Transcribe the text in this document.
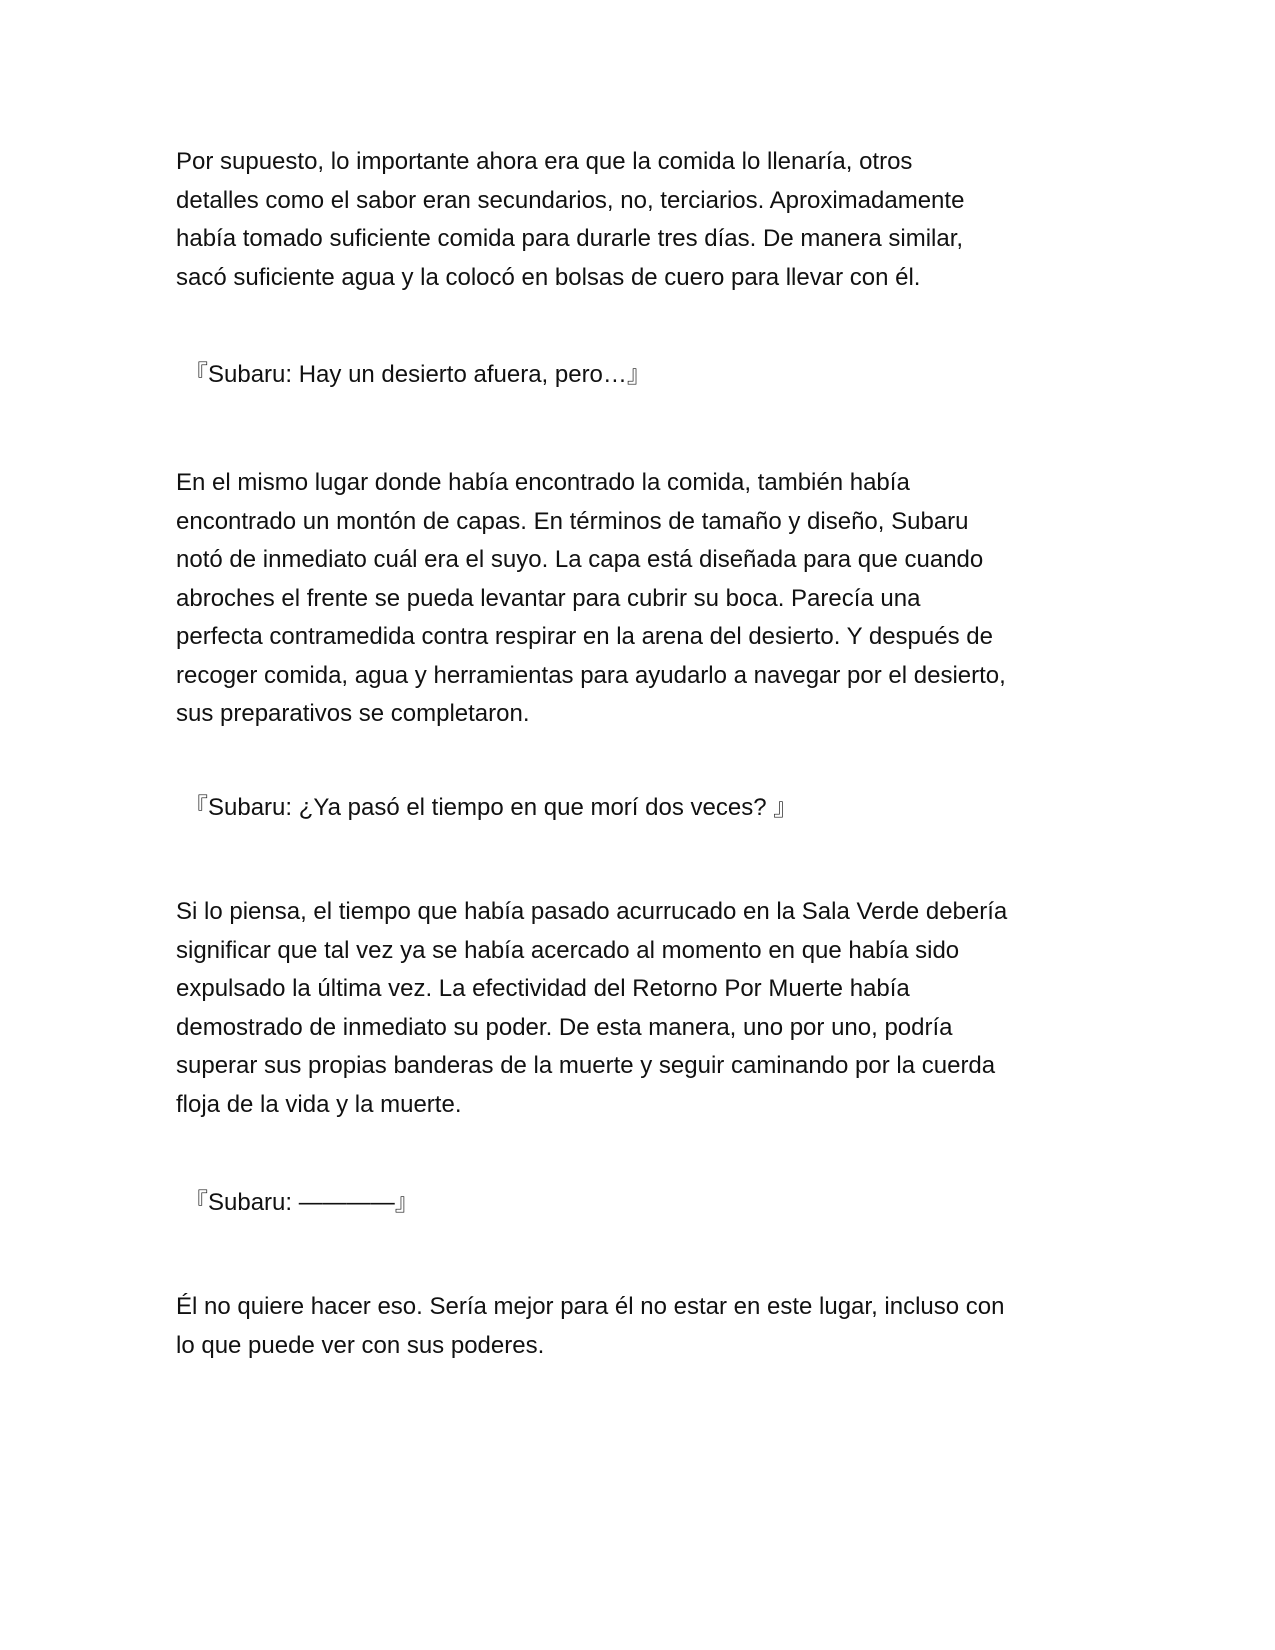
Por supuesto, lo importante ahora era que la comida lo llenaría, otros
detalles como el sabor eran secundarios, no, terciarios. Aproximadamente
había tomado suficiente comida para durarle tres días. De manera similar,
sacó suficiente agua y la colocó en bolsas de cuero para llevar con él.

『Subaru: Hay un desierto afuera, pero…』

En el mismo lugar donde había encontrado la comida, también había
encontrado un montón de capas. En términos de tamaño y diseño, Subaru
notó de inmediato cuál era el suyo. La capa está diseñada para que cuando
abroches el frente se pueda levantar para cubrir su boca. Parecía una
perfecta contramedida contra respirar en la arena del desierto. Y después de
recoger comida, agua y herramientas para ayudarlo a navegar por el desierto,
sus preparativos se completaron.

『Subaru: ¿Ya pasó el tiempo en que morí dos veces? 』

Si lo piensa, el tiempo que había pasado acurrucado en la Sala Verde debería
significar que tal vez ya se había acercado al momento en que había sido
expulsado la última vez. La efectividad del Retorno Por Muerte había
demostrado de inmediato su poder. De esta manera, uno por uno, podría
superar sus propias banderas de la muerte y seguir caminando por la cuerda
floja de la vida y la muerte.

『Subaru: ————』

Él no quiere hacer eso. Sería mejor para él no estar en este lugar, incluso con
lo que puede ver con sus poderes.
